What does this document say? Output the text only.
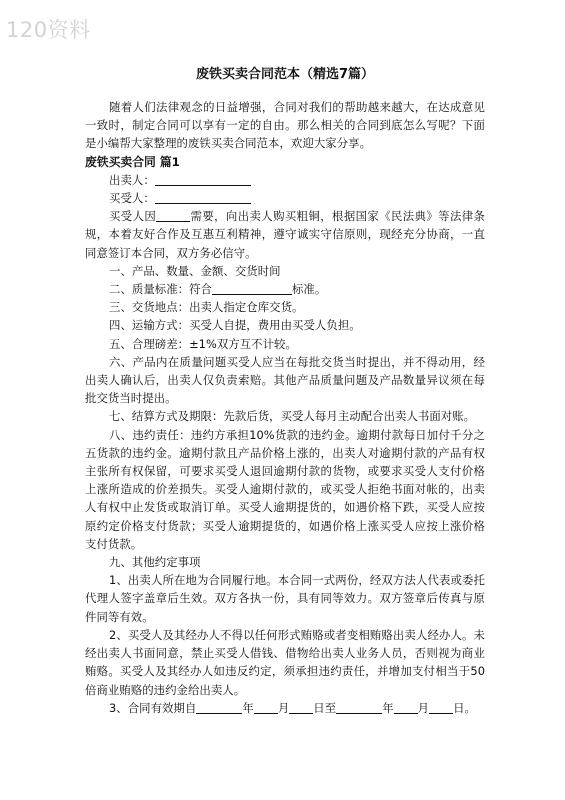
120资料
废铁买卖合同范本（精选7篇）

随着人们法律观念的日益增强，合同对我们的帮助越来越大，在达成意见一致时，制定合同可以享有一定的自由。那么相关的合同到底怎么写呢？下面是小编帮大家整理的废铁买卖合同范本，欢迎大家分享。

废铁买卖合同 篇1
出卖人：
买受人：

买受人因	需要，向出卖人购买粗铜，根据国家《民法典》等法律条规，本着友好合作及互惠互利精神，遵守诚实守信原则，现经充分协商，一直同意签订本合同，双方务必信守。

一、产品、数量、金额、交货时间
二、质量标准：符合	标准。
三、交货地点：出卖人指定仓库交货。
四、运输方式：买受人自提，费用由买受人负担。
五、合理磅差：±1%双方互不计较。

六、产品内在质量问题买受人应当在每批交货当时提出，并不得动用，经出卖人确认后，出卖人仅负责索赔。其他产品质量问题及产品数量异议须在每批交货当时提出。

七、结算方式及期限：先款后货，买受人每月主动配合出卖人书面对账。

八、违约责任：违约方承担10%货款的违约金。逾期付款每日加付千分之五货款的违约金。逾期付款且产品价格上涨的，出卖人对逾期付款的产品有权主张所有权保留，可要求买受人退回逾期付款的货物，或要求买受人支付价格上涨所造成的价差损失。买受人逾期付款的，或买受人拒绝书面对帐的，出卖人有权中止发货或取消订单。买受人逾期提货的，如遇价格下跌，买受人应按原约定价格支付货款；买受人逾期提货的，如遇价格上涨买受人应按上涨价格支付货款。

九、其他约定事项

1、出卖人所在地为合同履行地。本合同一式两份，经双方法人代表或委托代理人签字盖章后生效。双方各执一份，具有同等效力。双方签章后传真与原件同等有效。

2、买受人及其经办人不得以任何形式贿赂或者变相贿赂出卖人经办人。未经出卖人书面同意，禁止买受人借钱、借物给出卖人业务人员，否则视为商业贿赂。买受人及其经办人如违反约定，须承担违约责任，并增加支付相当于50倍商业贿赂的违约金给出卖人。

3、合同有效期自	年 月 日至	年 月 日。
